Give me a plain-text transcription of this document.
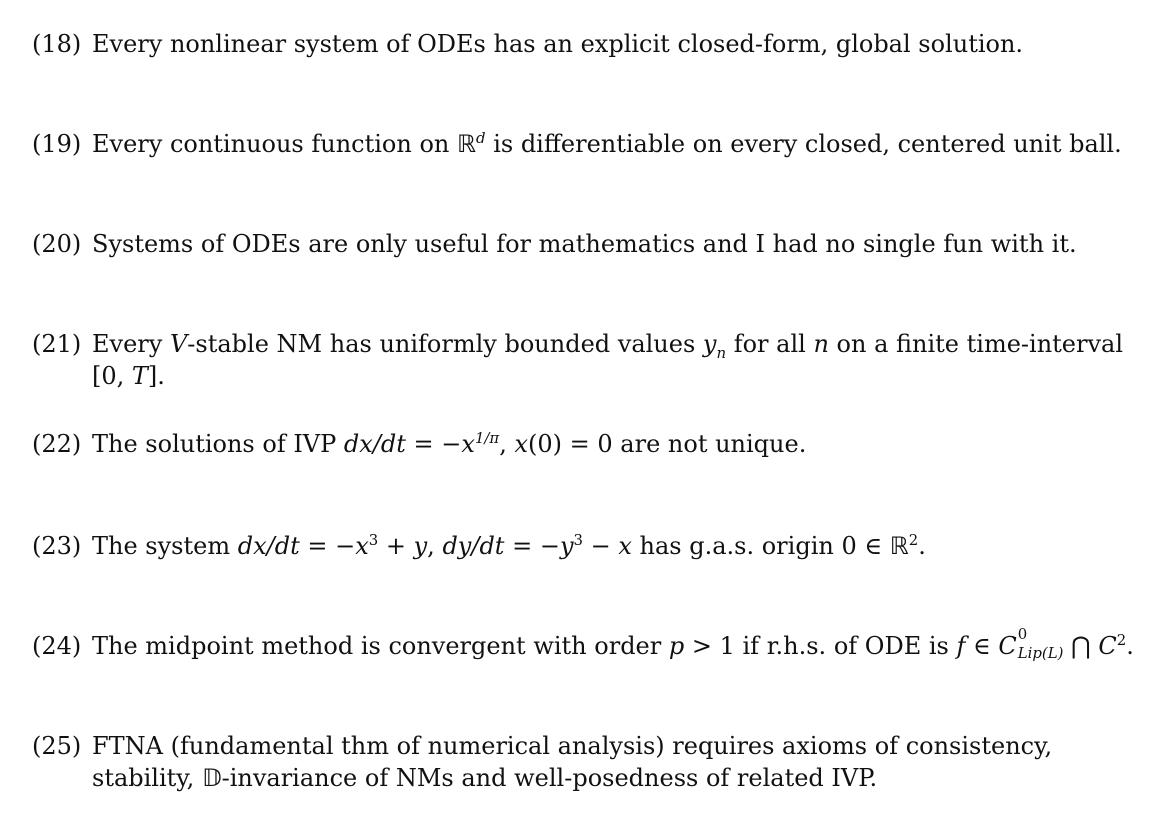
(18) Every nonlinear system of ODEs has an explicit closed-form, global solution.
(19) Every continuous function on ℝ$^d$ is differentiable on every closed, centered unit ball.
(20) Systems of ODEs are only useful for mathematics and I had no single fun with it.
(21) Every V-stable NM has uniformly bounded values $y_n$ for all n on a finite time-interval [0, T].
(22) The solutions of IVP $dx/dt = -x^{1/\pi}$, x(0) = 0 are not unique.
(23) The system $dx/dt = -x^3 + y$, $dy/dt = -y^3 - x$ has g.a.s. origin 0 ∈ ℝ$^2$.
(24) The midpoint method is convergent with order p > 1 if r.h.s. of ODE is f ∈ C 0
Lip(L) ⋂ $C^2$.
(25) FTNA (fundamental thm of numerical analysis) requires axioms of consistency, stability, 𝔻-invariance of NMs and well-posedness of related IVP.
